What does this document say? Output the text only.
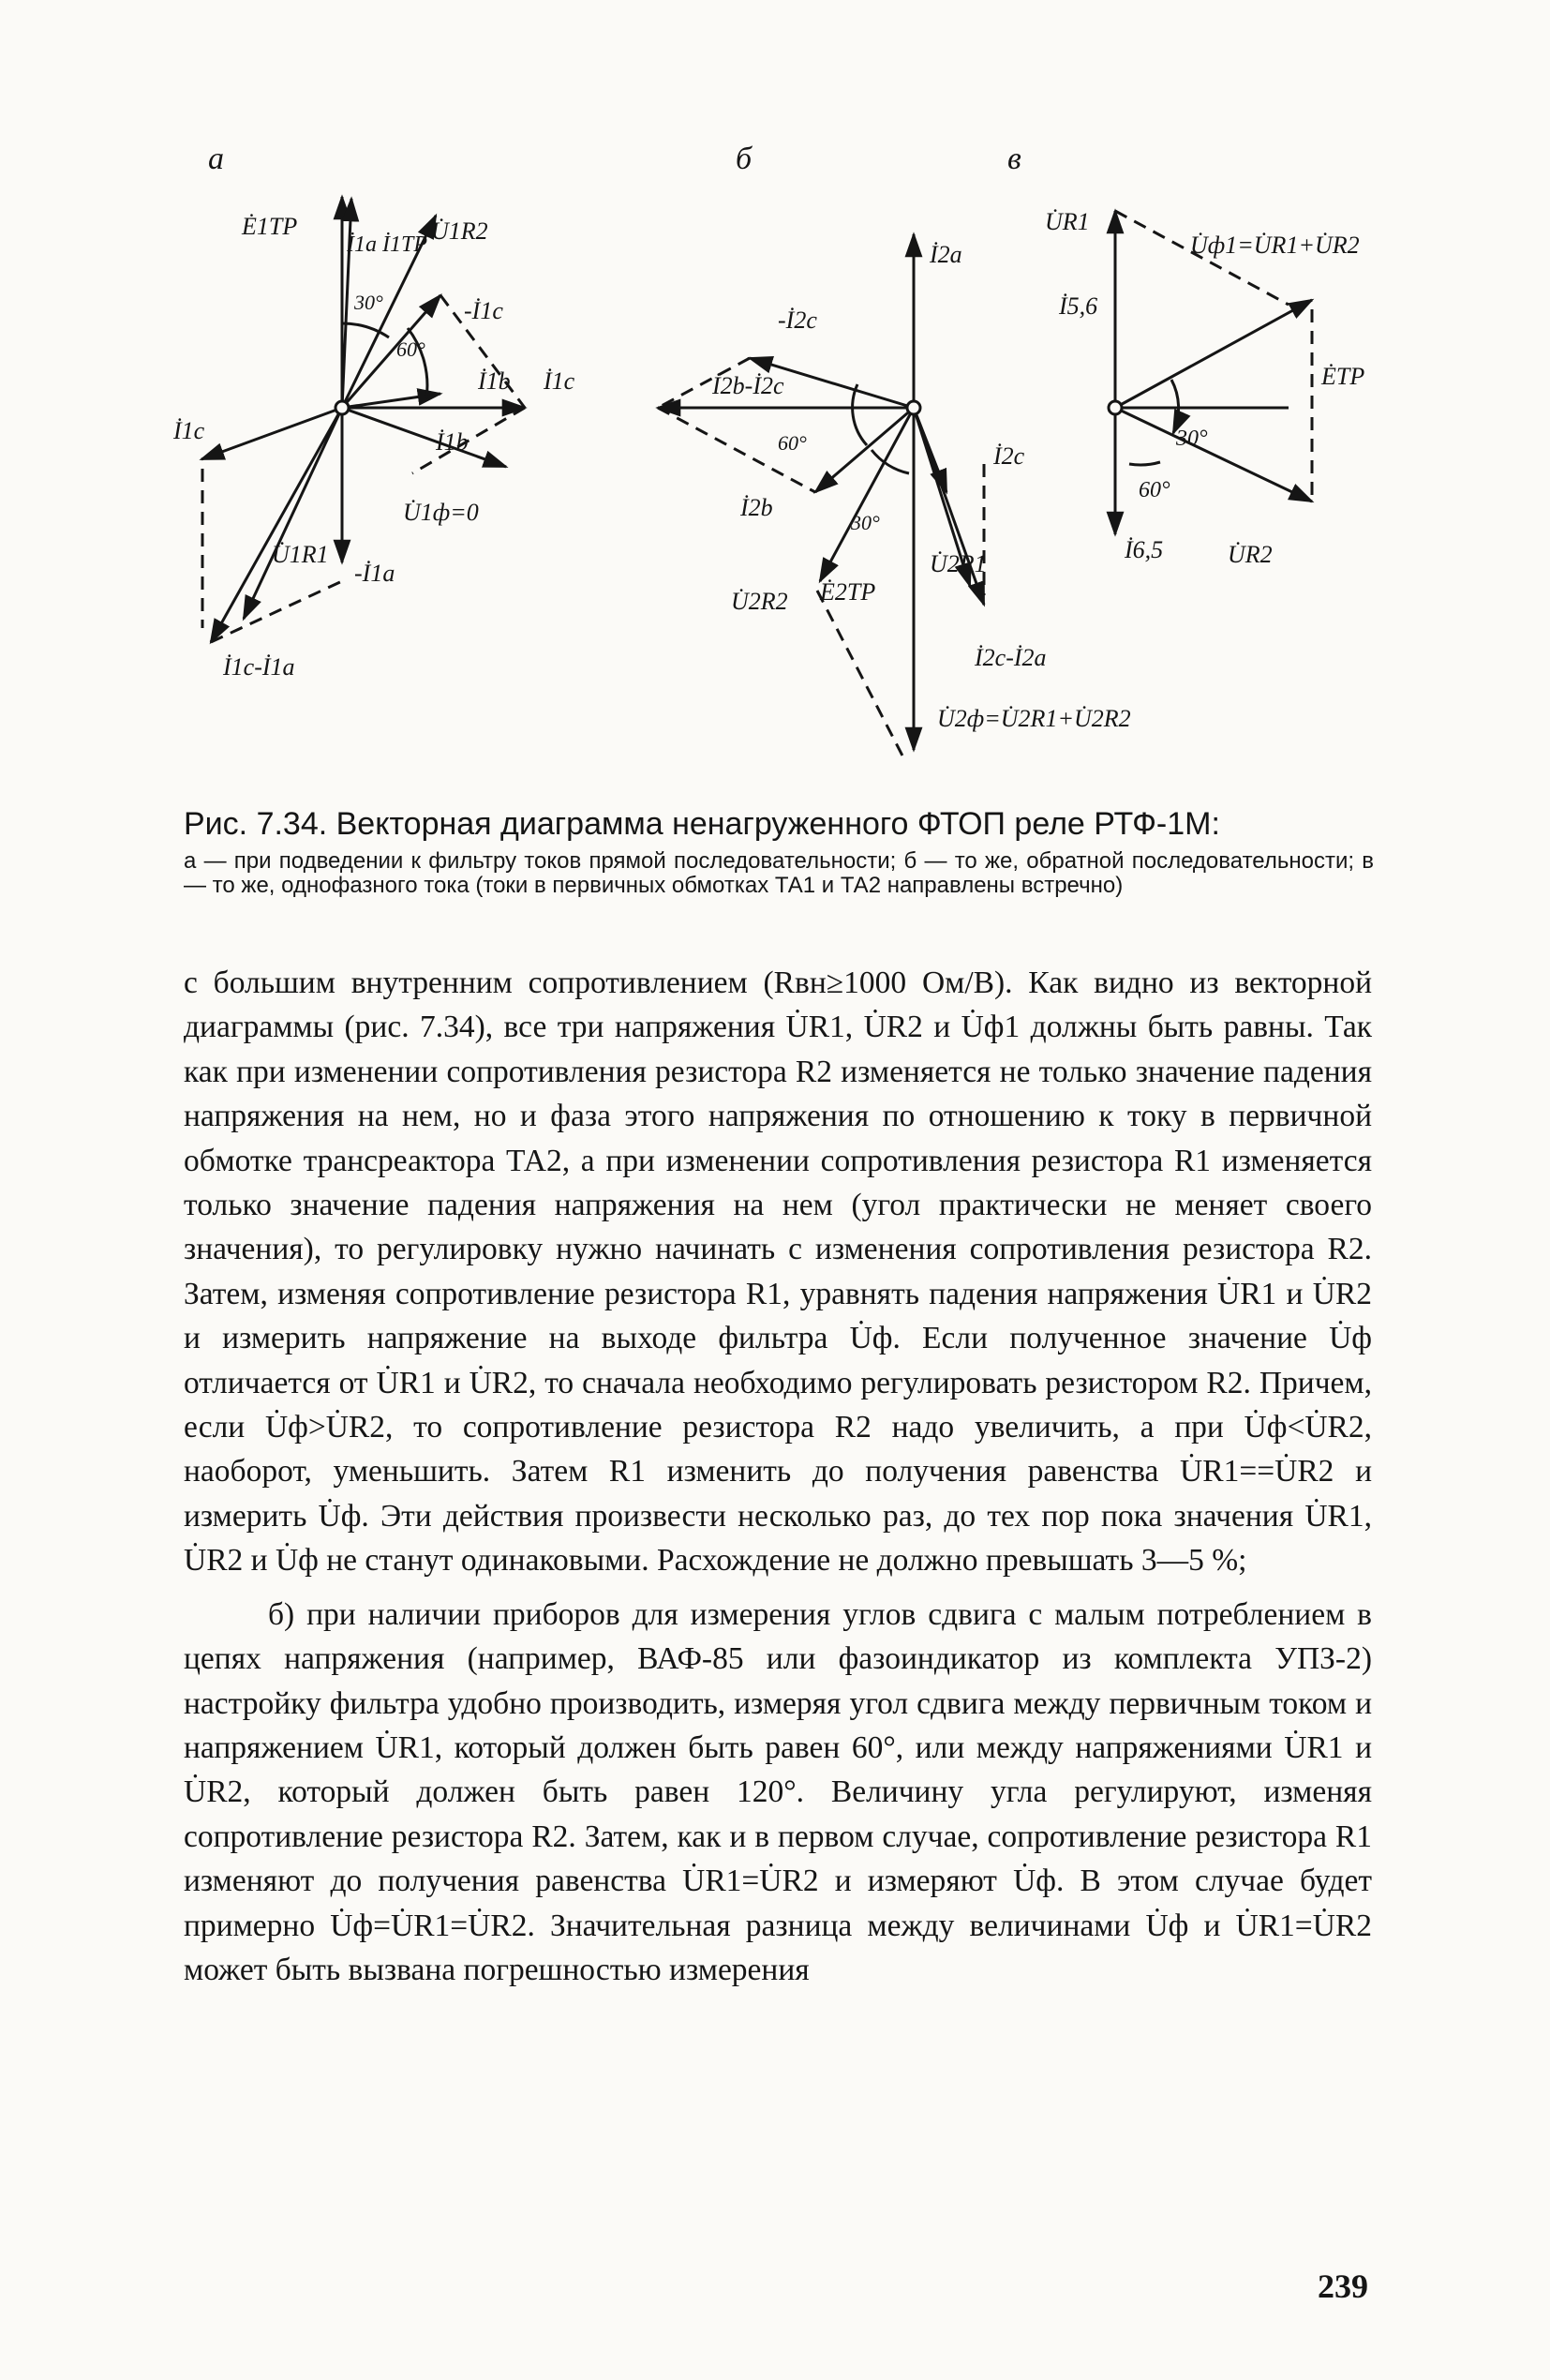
а
Ė1ТР
İ1a İ1ТР U̇1R2
30°
60°
-İ1c
İ1b İ1c
İ1c	İ1b
U̇1ф=0
U̇1R1
-İ1a
İ1c-İ1a
б
İ2a
-İ2c
İ2b-İ2c
60°	İ2c
İ2b
30°
U̇2R1
U̇2R2 Ė2ТР
İ2c-İ2a
U̇2ф=U̇2R1+U̇2R2
в
U̇R1
U̇ф1=U̇R1+U̇R2
İ5,6
ĖТР
30°
60°
İ6,5	U̇R2
Рис. 7.34. Векторная диаграмма ненагруженного ФТОП реле РТФ-1М:
а — при подведении к фильтру токов прямой последовательности; б — то же, обратной последовательности; в — то же, однофазного тока (токи в первичных обмотках ТА1 и ТА2 направлены встречно)

с большим внутренним сопротивлением (Rвн≥1000 Ом/В). Как видно из векторной диаграммы (рис. 7.34), все три напряжения U̇R1, U̇R2 и U̇ф1 должны быть равны. Так как при изменении сопротивления резистора R2 изменяется не только значение падения напряжения на нем, но и фаза этого напряжения по отношению к току в первичной обмотке трансреактора ТА2, а при изменении сопротивления резистора R1 изменяется только значение падения напряжения на нем (угол практически не меняет своего значения), то регулировку нужно начинать с изменения сопротивления резистора R2. Затем, изменяя сопротивление резистора R1, уравнять падения напряжения U̇R1 и U̇R2 и измерить напряжение на выходе фильтра U̇ф. Если полученное значение U̇ф отличается от U̇R1 и U̇R2, то сначала необходимо регулировать резистором R2. Причем, если U̇ф>U̇R2, то сопротивление резистора R2 надо увеличить, а при U̇ф<U̇R2, наоборот, уменьшить. Затем R1 изменить до получения равенства U̇R1==U̇R2 и измерить U̇ф. Эти действия произвести несколько раз, до тех пор пока значения U̇R1, U̇R2 и U̇ф не станут одинаковыми. Расхождение не должно превышать 3—5 %;

б) при наличии приборов для измерения углов сдвига с малым потреблением в цепях напряжения (например, ВАФ-85 или фазоиндикатор из комплекта УПЗ-2) настройку фильтра удобно производить, измеряя угол сдвига между первичным током и напряжением U̇R1, который должен быть равен 60°, или между напряжениями U̇R1 и U̇R2, который должен быть равен 120°. Величину угла регулируют, изменяя сопротивление резистора R2. Затем, как и в первом случае, сопротивление резистора R1 изменяют до получения равенства U̇R1=U̇R2 и измеряют U̇ф. В этом случае будет примерно U̇ф=U̇R1=U̇R2. Значительная разница между величинами U̇ф и U̇R1=U̇R2 может быть вызвана погрешностью измерения

239
